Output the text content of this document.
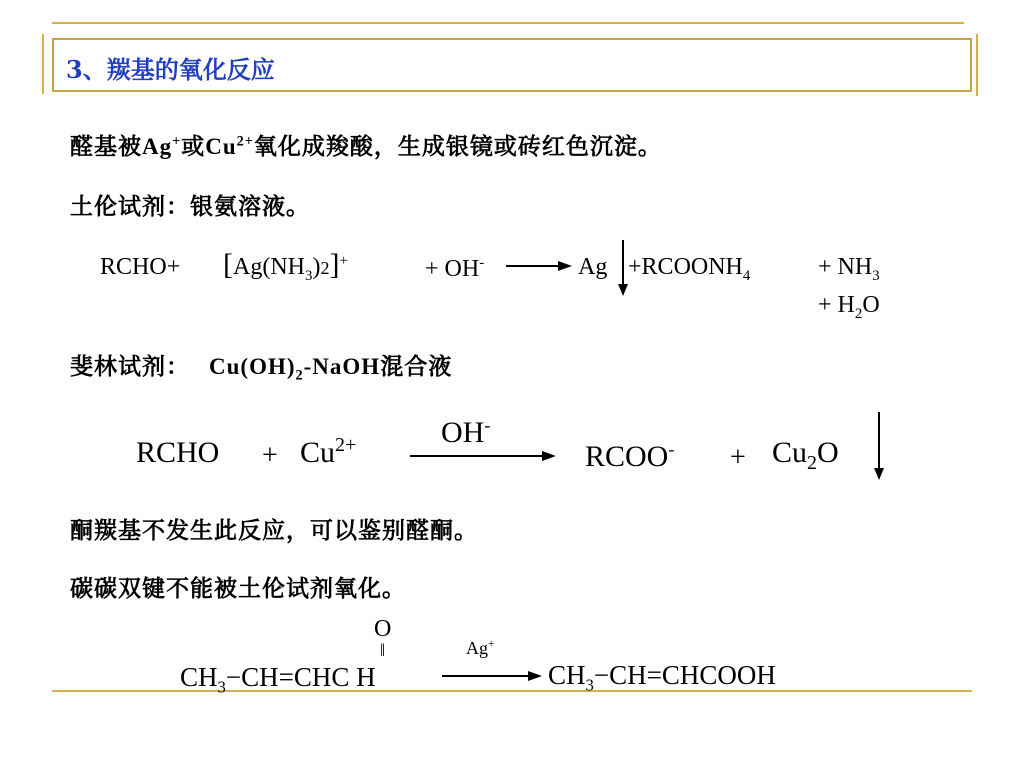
3、羰基的氧化反应
醛基被Ag+或$Cu^{2+}$氧化成羧酸，生成银镜或砖红色沉淀。
土伦试剂：银氨溶液。
RCHO+ $[Ag(NH_3)2]^+$	+ OH-	$Ag +RCOONH_4$	+ $NH_3$
+ $H_2O$
斐林试剂： $Cu(OH)_2$-NaOH混合液
RCHO + $Cu^{2+}$	OH-
RCOO- + $Cu_2O$
酮羰基不发生此反应，可以鉴别醛酮。
碳碳双键不能被土伦试剂氧化。
O
‖
$CH_3-CH=CHC$ H
Ag+
$CH_3-CH=CHCOOH$
